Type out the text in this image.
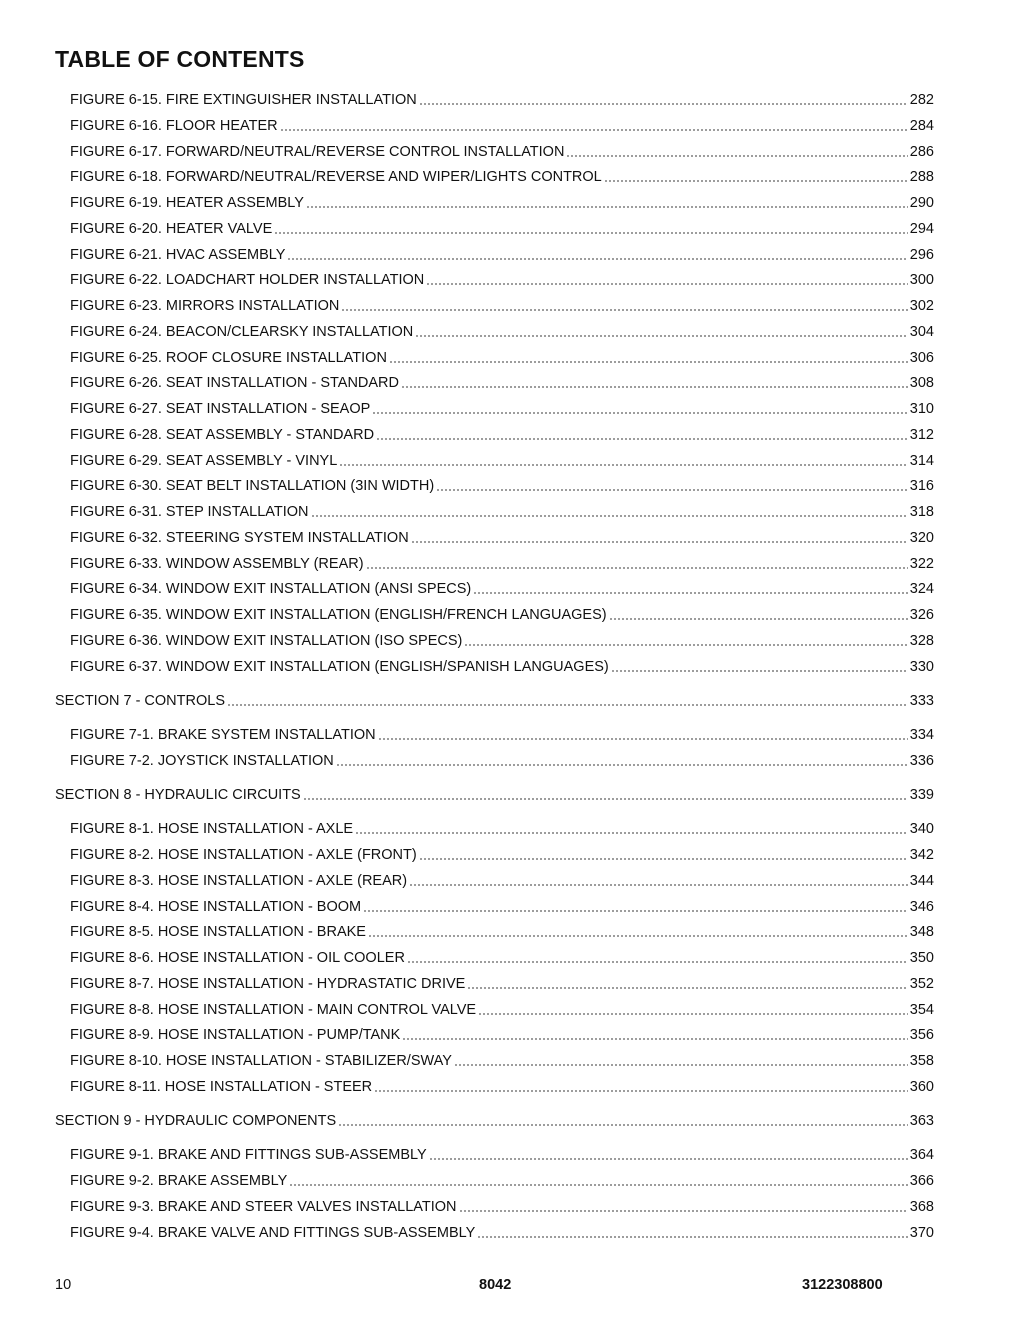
TABLE OF CONTENTS
FIGURE 6-15. FIRE EXTINGUISHER INSTALLATION	282
FIGURE 6-16. FLOOR HEATER	284
FIGURE 6-17. FORWARD/NEUTRAL/REVERSE CONTROL INSTALLATION	286
FIGURE 6-18. FORWARD/NEUTRAL/REVERSE AND WIPER/LIGHTS CONTROL	288
FIGURE 6-19. HEATER ASSEMBLY	290
FIGURE 6-20. HEATER VALVE	294
FIGURE 6-21. HVAC ASSEMBLY	296
FIGURE 6-22. LOADCHART HOLDER INSTALLATION	300
FIGURE 6-23. MIRRORS INSTALLATION	302
FIGURE 6-24. BEACON/CLEARSKY INSTALLATION	304
FIGURE 6-25. ROOF CLOSURE INSTALLATION	306
FIGURE 6-26. SEAT INSTALLATION - STANDARD	308
FIGURE 6-27. SEAT INSTALLATION - SEAOP	310
FIGURE 6-28. SEAT ASSEMBLY - STANDARD	312
FIGURE 6-29. SEAT ASSEMBLY - VINYL	314
FIGURE 6-30. SEAT BELT INSTALLATION (3IN WIDTH)	316
FIGURE 6-31. STEP INSTALLATION	318
FIGURE 6-32. STEERING SYSTEM INSTALLATION	320
FIGURE 6-33. WINDOW ASSEMBLY (REAR)	322
FIGURE 6-34. WINDOW EXIT INSTALLATION (ANSI SPECS)	324
FIGURE 6-35. WINDOW EXIT INSTALLATION (ENGLISH/FRENCH LANGUAGES)	326
FIGURE 6-36. WINDOW EXIT INSTALLATION (ISO SPECS)	328
FIGURE 6-37. WINDOW EXIT INSTALLATION (ENGLISH/SPANISH LANGUAGES)	330
SECTION 7 - CONTROLS	333
FIGURE 7-1. BRAKE SYSTEM INSTALLATION	334
FIGURE 7-2. JOYSTICK INSTALLATION	336
SECTION 8 - HYDRAULIC CIRCUITS	339
FIGURE 8-1. HOSE INSTALLATION - AXLE	340
FIGURE 8-2. HOSE INSTALLATION - AXLE (FRONT)	342
FIGURE 8-3. HOSE INSTALLATION - AXLE (REAR)	344
FIGURE 8-4. HOSE INSTALLATION - BOOM	346
FIGURE 8-5. HOSE INSTALLATION - BRAKE	348
FIGURE 8-6. HOSE INSTALLATION - OIL COOLER	350
FIGURE 8-7. HOSE INSTALLATION - HYDRASTATIC DRIVE	352
FIGURE 8-8. HOSE INSTALLATION - MAIN CONTROL VALVE	354
FIGURE 8-9. HOSE INSTALLATION - PUMP/TANK	356
FIGURE 8-10. HOSE INSTALLATION - STABILIZER/SWAY	358
FIGURE 8-11. HOSE INSTALLATION - STEER	360
SECTION 9 - HYDRAULIC COMPONENTS	363
FIGURE 9-1. BRAKE AND FITTINGS SUB-ASSEMBLY	364
FIGURE 9-2. BRAKE ASSEMBLY	366
FIGURE 9-3. BRAKE AND STEER VALVES INSTALLATION	368
FIGURE 9-4. BRAKE VALVE AND FITTINGS SUB-ASSEMBLY	370
10	8042	3122308800
